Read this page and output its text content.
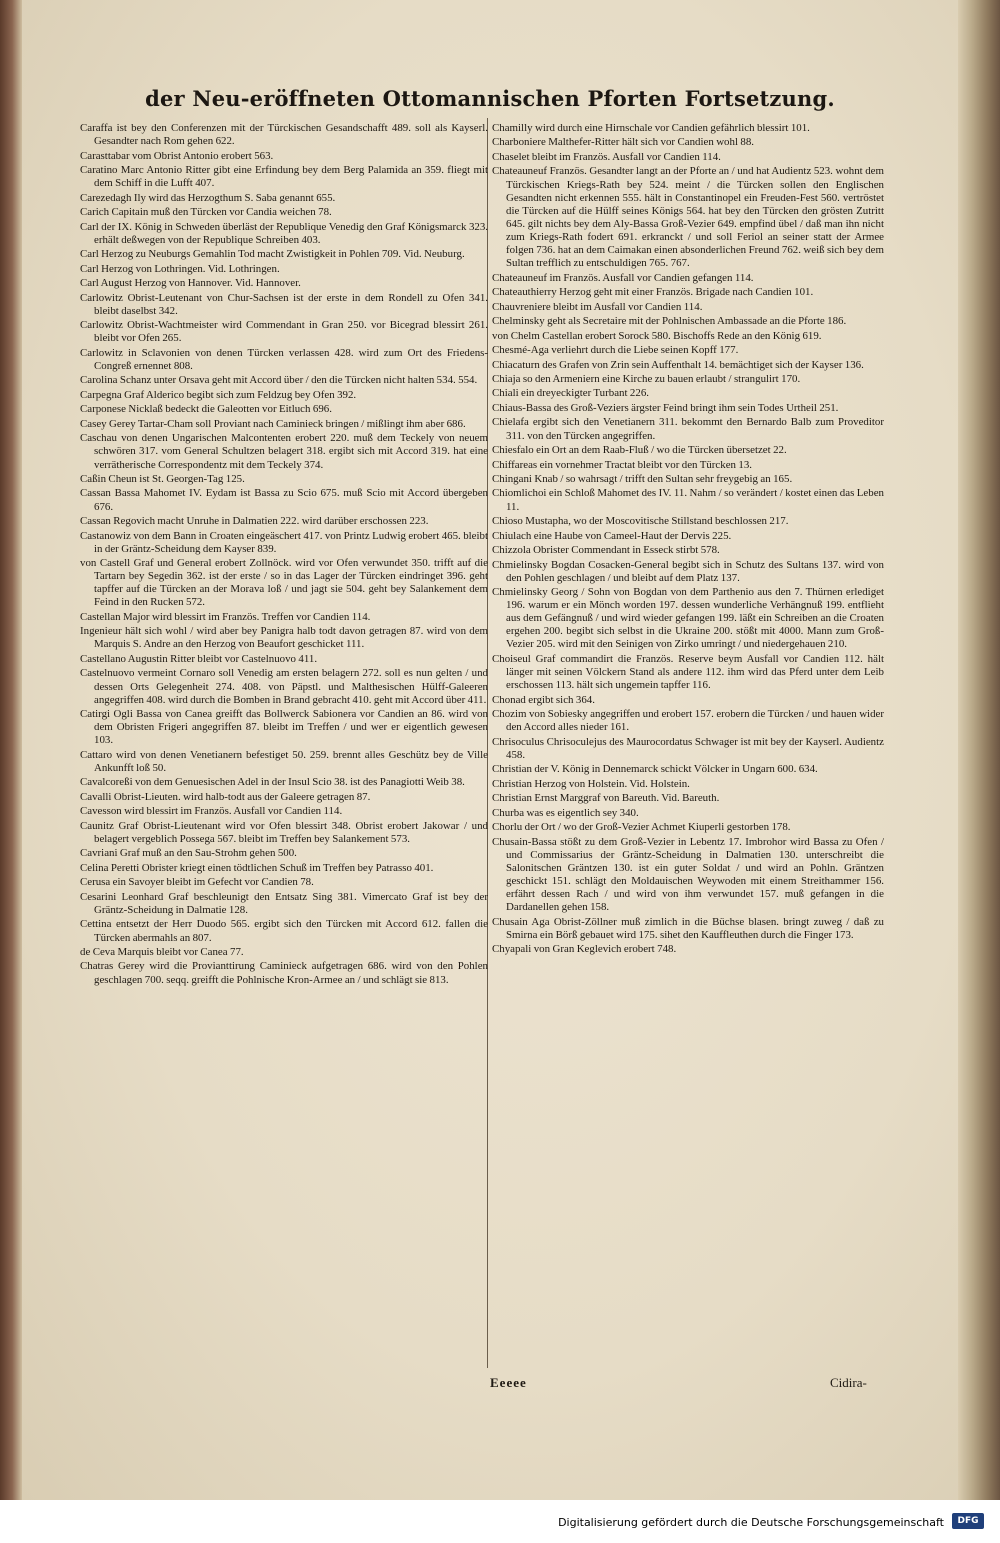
der Neu-eröffneten Ottomannischen Pforten Fortsetzung.
Caraffa ist bey den Conferenzen mit der Türckischen Gesandschafft 489. soll als Kayserl. Gesandter nach Rom gehen 622.
Carasttabar vom Obrist Antonio erobert 563.
Caratino Marc Antonio Ritter gibt eine Erfindung bey dem Berg Palamida an 359. fliegt mit dem Schiff in die Lufft 407.
Carezedagh Ily wird das Herzogthum S. Saba genannt 655.
Carich Capitain muß den Türcken vor Candia weichen 78.
Carl der IX. König in Schweden überläst der Republique Venedig den Graf Königsmarck 323. erhält deßwegen von der Republique Schreiben 403.
Carl Herzog zu Neuburgs Gemahlin Tod macht Zwistigkeit in Pohlen 709. Vid. Neuburg.
Carl Herzog von Lothringen. Vid. Lothringen.
Carl August Herzog von Hannover. Vid. Hannover.
Carlowitz Obrist-Leutenant von Chur-Sachsen ist der erste in dem Rondell zu Ofen 341. bleibt daselbst 342.
Carlowitz Obrist-Wachtmeister wird Commendant in Gran 250. vor Bicegrad blessirt 261. bleibt vor Ofen 265.
Carlowitz in Sclavonien von denen Türcken verlassen 428. wird zum Ort des Friedens-Congreß ernennet 808.
Carolina Schanz unter Orsava geht mit Accord über / den die Türcken nicht halten 534. 554.
Carpegna Graf Alderico begibt sich zum Feldzug bey Ofen 392.
Carponese Nicklaß bedeckt die Galeotten vor Eitluch 696.
Casey Gerey Tartar-Cham soll Proviant nach Caminieck bringen / mißlingt ihm aber 686.
Caschau von denen Ungarischen Malcontenten erobert 220. muß dem Teckely von neuem schwören 317. vom General Schultzen belagert 318. ergibt sich mit Accord 319. hat eine verrätherische Correspondentz mit dem Teckely 374.
Caßin Cheun ist St. Georgen-Tag 125.
Cassan Bassa Mahomet IV. Eydam ist Bassa zu Scio 675. muß Scio mit Accord übergeben 676.
Cassan Regovich macht Unruhe in Dalmatien 222. wird darüber erschossen 223.
Castanowiz von dem Bann in Croaten eingeäschert 417. von Printz Ludwig erobert 465. bleibt in der Gräntz-Scheidung dem Kayser 839.
von Castell Graf und General erobert Zollnöck. wird vor Ofen verwundet 350. trifft auf die Tartarn bey Segedin 362. ist der erste / so in das Lager der Türcken eindringet 396. geht tapffer auf die Türcken an der Morava loß / und jagt sie 504. geht bey Salankement dem Feind in den Rucken 572.
Castellan Major wird blessirt im Französ. Treffen vor Candien 114.
Ingenieur hält sich wohl / wird aber bey Panigra halb todt davon getragen 87. wird von dem Marquis S. Andre an den Herzog von Beaufort geschicket 111.
Castellano Augustin Ritter bleibt vor Castelnuovo 411.
Castelnuovo vermeint Cornaro soll Venedig am ersten belagern 272. soll es nun gelten / und dessen Orts Gelegenheit 274. 408. von Päpstl. und Malthesischen Hülff-Galeeren angegriffen 408. wird durch die Bomben in Brand gebracht 410. geht mit Accord über 411.
Catirgi Ogli Bassa von Canea greifft das Bollwerck Sabionera vor Candien an 86. wird von dem Obristen Frigeri angegriffen 87. bleibt im Treffen / und wer er eigentlich gewesen 103.
Cattaro wird von denen Venetianern befestiget 50. 259. brennt alles Geschütz bey de Ville Ankunfft loß 50.
Cavalcoreßi von dem Genuesischen Adel in der Insul Scio 38. ist des Panagiotti Weib 38.
Cavalli Obrist-Lieuten. wird halb-todt aus der Galeere getragen 87.
Cavesson wird blessirt im Französ. Ausfall vor Candien 114.
Caunitz Graf Obrist-Lieutenant wird vor Ofen blessirt 348. Obrist erobert Jakowar / und belagert vergeblich Possega 567. bleibt im Treffen bey Salankement 573.
Cavriani Graf muß an den Sau-Strohm gehen 500.
Celina Peretti Obrister kriegt einen tödtlichen Schuß im Treffen bey Patrasso 401.
Cerusa ein Savoyer bleibt im Gefecht vor Candien 78.
Cesarini Leonhard Graf beschleunigt den Entsatz Sing 381. Vimercato Graf ist bey der Gräntz-Scheidung in Dalmatie 128.
Cettina entsetzt der Herr Duodo 565. ergibt sich den Türcken mit Accord 612. fallen die Türcken abermahls an 807.
de Ceva Marquis bleibt vor Canea 77.
Chatras Gerey wird die Provianttirung Caminieck aufgetragen 686. wird von den Pohlen geschlagen 700. seqq. greifft die Pohlnische Kron-Armee an / und schlägt sie 813.
Chamilly wird durch eine Hirnschale vor Candien gefährlich blessirt 101.
Charboniere Malthefer-Ritter hält sich vor Candien wohl 88.
Chaselet bleibt im Französ. Ausfall vor Candien 114.
Chateauneuf Französ. Gesandter langt an der Pforte an / und hat Audientz 523. wohnt dem Türckischen Kriegs-Rath bey 524. meint / die Türcken sollen den Englischen Gesandten nicht erkennen 555. hält in Constantinopel ein Freuden-Fest 560. vertröstet die Türcken auf die Hülff seines Königs 564. hat bey den Türcken den grösten Zutritt 645. gilt nichts bey dem Aly-Bassa Groß-Vezier 649. empfind übel / daß man ihn nicht zum Kriegs-Rath fodert 691. erkranckt / und soll Feriol an seiner statt der Armee folgen 736. hat an dem Caimakan einen absonderlichen Freund 762. weiß sich bey dem Sultan trefflich zu entschuldigen 765. 767.
Chateauneuf im Französ. Ausfall vor Candien gefangen 114.
Chateauthierry Herzog geht mit einer Französ. Brigade nach Candien 101.
Chauvreniere bleibt im Ausfall vor Candien 114.
Chelminsky geht als Secretaire mit der Pohlnischen Ambassade an die Pforte 186.
von Chelm Castellan erobert Sorock 580. Bischoffs Rede an den König 619.
Chesmé-Aga verliehrt durch die Liebe seinen Kopff 177.
Chiacaturn des Grafen von Zrin sein Auffenthalt 14. bemächtiget sich der Kayser 136.
Chiaja so den Armeniern eine Kirche zu bauen erlaubt / strangulirt 170.
Chiali ein dreyeckigter Turbant 226.
Chiaus-Bassa des Groß-Veziers ärgster Feind bringt ihm sein Todes Urtheil 251.
Chielafa ergibt sich den Venetianern 311. bekommt den Bernardo Balb zum Proveditor 311. von den Türcken angegriffen.
Chiesfalo ein Ort an dem Raab-Fluß / wo die Türcken übersetzet 22.
Chiffareas ein vornehmer Tractat bleibt vor den Türcken 13.
Chingani Knab / so wahrsagt / trifft den Sultan sehr freygebig an 165.
Chiomlichoi ein Schloß Mahomet des IV. 11. Nahm / so verändert / kostet einen das Leben 11.
Chioso Mustapha, wo der Moscovitische Stillstand beschlossen 217.
Chiulach eine Haube von Cameel-Haut der Dervis 225.
Chizzola Obrister Commendant in Esseck stirbt 578.
Chmielinsky Bogdan Cosacken-General begibt sich in Schutz des Sultans 137. wird von den Pohlen geschlagen / und bleibt auf dem Platz 137.
Chmielinsky Georg / Sohn von Bogdan von dem Parthenio aus den 7. Thürnen erlediget 196. warum er ein Mönch worden 197. dessen wunderliche Verhängnuß 199. entflieht aus dem Gefängnuß / und wird wieder gefangen 199. läßt ein Schreiben an die Croaten ergehen 200. begibt sich selbst in die Ukraine 200. stößt mit 4000. Mann zum Groß-Vezier 205. wird mit den Seinigen von Zirko umringt / und niedergehauen 210.
Choiseul Graf commandirt die Französ. Reserve beym Ausfall vor Candien 112. hält länger mit seinen Völckern Stand als andere 112. ihm wird das Pferd unter dem Leib erschossen 113. hält sich ungemein tapffer 116.
Chonad ergibt sich 364.
Chozim von Sobiesky angegriffen und erobert 157. erobern die Türcken / und hauen wider den Accord alles nieder 161.
Chrisoculus Chrisoculejus des Maurocordatus Schwager ist mit bey der Kayserl. Audientz 458.
Christian der V. König in Dennemarck schickt Völcker in Ungarn 600. 634.
Christian Herzog von Holstein. Vid. Holstein.
Christian Ernst Marggraf von Bareuth. Vid. Bareuth.
Churba was es eigentlich sey 340.
Chorlu der Ort / wo der Groß-Vezier Achmet Kiuperli gestorben 178.
Chusain-Bassa stößt zu dem Groß-Vezier in Lebentz 17. Imbrohor wird Bassa zu Ofen / und Commissarius der Gräntz-Scheidung in Dalmatien 130. unterschreibt die Salonitschen Gräntzen 130. ist ein guter Soldat / und wird an Pohln. Gräntzen geschickt 151. schlägt den Moldauischen Weywoden mit einem Streithammer 156. erfährt dessen Rach / und wird von ihm verwundet 157. muß gefangen in die Dardanellen gehen 158.
Chusain Aga Obrist-Zöllner muß zimlich in die Büchse blasen. bringt zuweg / daß zu Smirna ein Börß gebauet wird 175. sihet den Kauffleuthen durch die Finger 173.
Chyapali von Gran Keglevich erobert 748.
Eeeee	Cidira-
Digitalisierung gefördert durch die Deutsche Forschungsgemeinschaft	DFG
